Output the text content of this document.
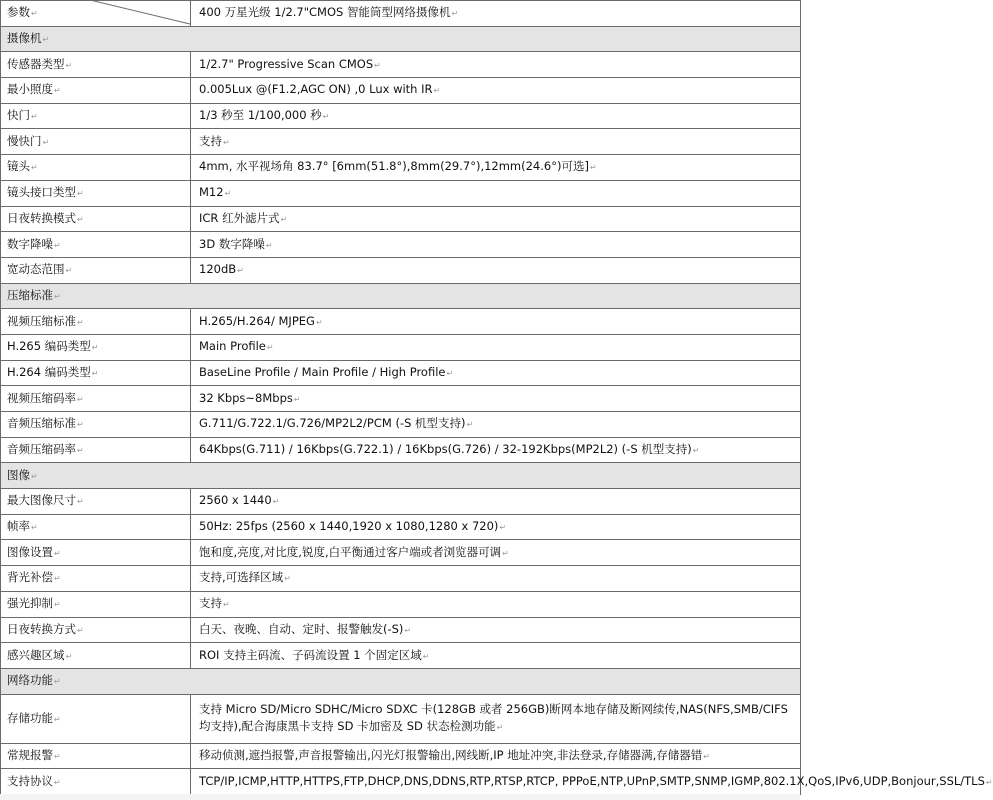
参数↵	400 万星光级 1/2.7"CMOS 智能筒型网络摄像机↵
摄像机↵	
传感器类型↵	1/2.7" Progressive Scan CMOS↵
最小照度↵	0.005Lux @(F1.2,AGC ON) ,0 Lux with IR↵
快门↵	1/3 秒至 1/100,000 秒↵
慢快门↵	支持↵
镜头↵	4mm, 水平视场角 83.7° [6mm(51.8°),8mm(29.7°),12mm(24.6°)可选]↵
镜头接口类型↵	M12↵
日夜转换模式↵	ICR 红外滤片式↵
数字降噪↵	3D 数字降噪↵
宽动态范围↵	120dB↵
压缩标准↵	
视频压缩标准↵	H.265/H.264/ MJPEG↵
H.265 编码类型↵	Main Profile↵
H.264 编码类型↵	BaseLine Profile / Main Profile / High Profile↵
视频压缩码率↵	32 Kbps~8Mbps↵
音频压缩标准↵	G.711/G.722.1/G.726/MP2L2/PCM (-S 机型支持)↵
音频压缩码率↵	64Kbps(G.711) / 16Kbps(G.722.1) / 16Kbps(G.726) / 32-192Kbps(MP2L2) (-S 机型支持)↵
图像↵	
最大图像尺寸↵	2560 x 1440↵
帧率↵	50Hz: 25fps (2560 x 1440,1920 x 1080,1280 x 720)↵
图像设置↵	饱和度,亮度,对比度,锐度,白平衡通过客户端或者浏览器可调↵
背光补偿↵	支持,可选择区域↵
强光抑制↵	支持↵
日夜转换方式↵	白天、夜晚、自动、定时、报警触发(-S)↵
感兴趣区域↵	ROI 支持主码流、子码流设置 1 个固定区域↵
网络功能↵	
存储功能↵	支持 Micro SD/Micro SDHC/Micro SDXC 卡(128GB 或者 256GB)断网本地存储及断网续传,NAS(NFS,SMB/CIFS 均支持),配合海康黑卡支持 SD 卡加密及 SD 状态检测功能↵
常规报警↵	移动侦测,遮挡报警,声音报警输出,闪光灯报警输出,网线断,IP 地址冲突,非法登录,存储器满,存储器错↵
支持协议↵	TCP/IP,ICMP,HTTP,HTTPS,FTP,DHCP,DNS,DDNS,RTP,RTSP,RTCP, PPPoE,NTP,UPnP,SMTP,SNMP,IGMP,802.1X,QoS,IPv6,UDP,Bonjour,SSL/TLS↵
